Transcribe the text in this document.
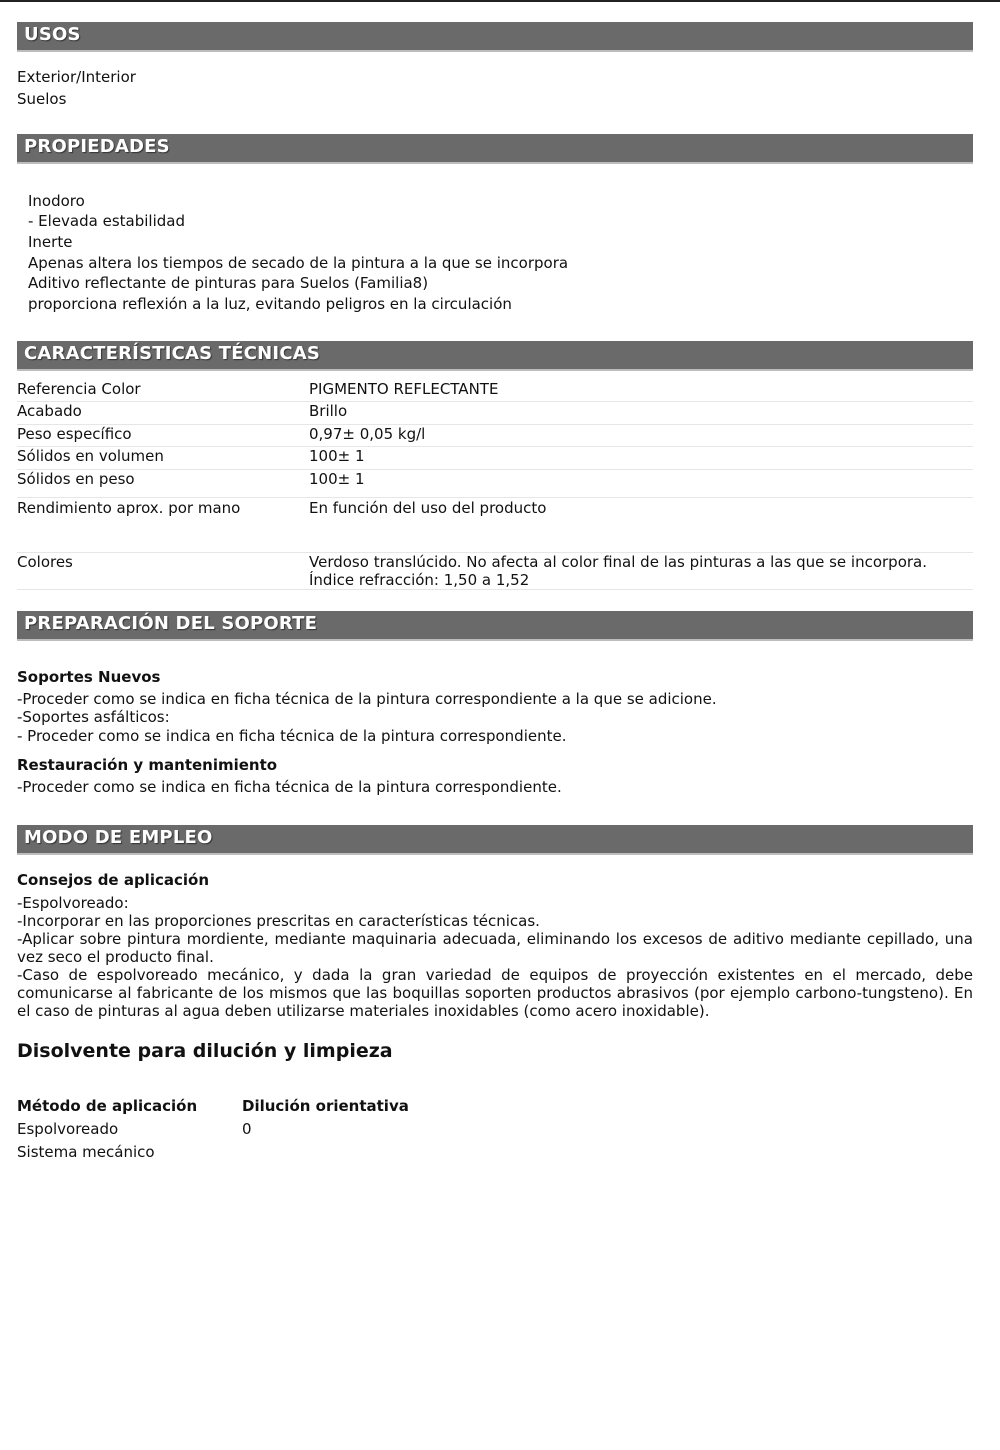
USOS
Exterior/Interior
Suelos
PROPIEDADES
Inodoro
- Elevada estabilidad
Inerte
Apenas altera los tiempos de secado de la pintura a la que se incorpora
Aditivo reflectante de pinturas para Suelos (Familia8)
proporciona reflexión a la luz, evitando peligros en la circulación
CARACTERÍSTICAS TÉCNICAS
Referencia Color	PIGMENTO REFLECTANTE
Acabado	Brillo
Peso específico	0,97± 0,05 kg/l
Sólidos en volumen	100± 1
Sólidos en peso	100± 1
Rendimiento aprox. por mano	En función del uso del producto
Colores	Verdoso translúcido. No afecta al color final de las pinturas a las que se incorpora.
Índice refracción: 1,50 a 1,52
PREPARACIÓN DEL SOPORTE
Soportes Nuevos
-Proceder como se indica en ficha técnica de la pintura correspondiente a la que se adicione.
-Soportes asfálticos:
- Proceder como se indica en ficha técnica de la pintura correspondiente.
Restauración y mantenimiento
-Proceder como se indica en ficha técnica de la pintura correspondiente.
MODO DE EMPLEO
Consejos de aplicación
-Espolvoreado:
-Incorporar en las proporciones prescritas en características técnicas.
-Aplicar sobre pintura mordiente, mediante maquinaria adecuada, eliminando los excesos de aditivo mediante cepillado, una vez seco el producto final.
-Caso de espolvoreado mecánico, y dada la gran variedad de equipos de proyección existentes en el mercado, debe comunicarse al fabricante de los mismos que las boquillas soporten productos abrasivos (por ejemplo carbono-tungsteno). En el caso de pinturas al agua deben utilizarse materiales inoxidables (como acero inoxidable).
Disolvente para dilución y limpieza
Método de aplicación	Dilución orientativa
Espolvoreado	0
Sistema mecánico
